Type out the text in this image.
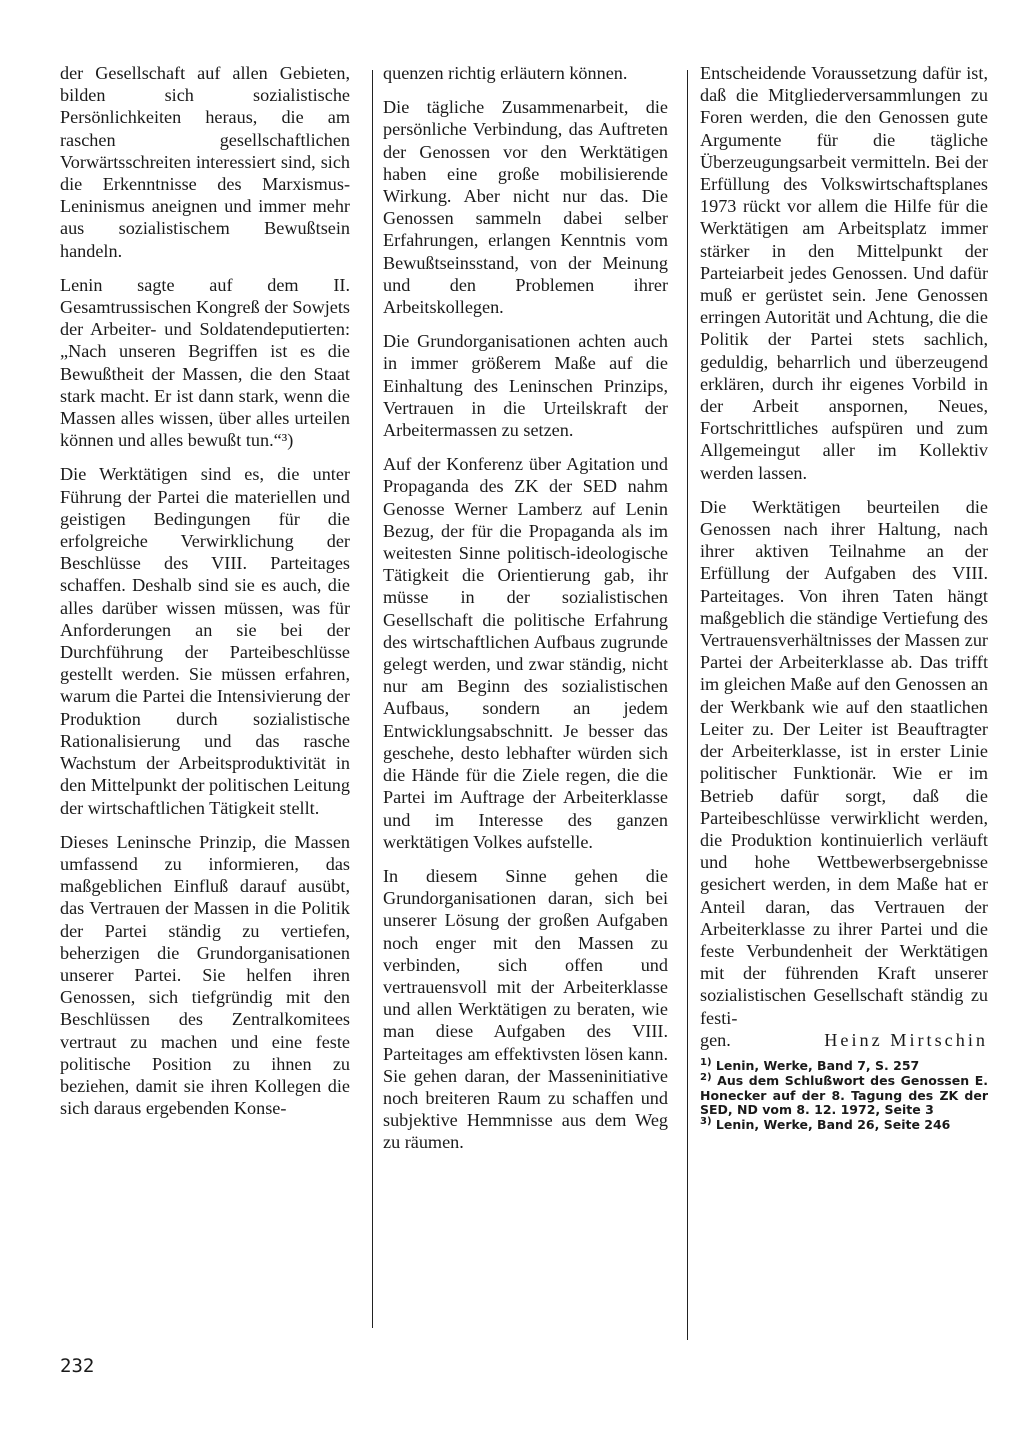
der Gesellschaft auf allen Gebieten, bilden sich sozialistische Persönlichkeiten heraus, die am raschen gesellschaftlichen Vorwärtsschreiten interessiert sind, sich die Erkenntnisse des Marxismus-Leninismus aneignen und immer mehr aus sozialistischem Bewußtsein handeln.

Lenin sagte auf dem II. Gesamtrussischen Kongreß der Sowjets der Arbeiter- und Soldatendeputierten: „Nach unseren Begriffen ist es die Bewußtheit der Massen, die den Staat stark macht. Er ist dann stark, wenn die Massen alles wissen, über alles urteilen können und alles bewußt tun.“³)

Die Werktätigen sind es, die unter Führung der Partei die materiellen und geistigen Bedingungen für die erfolgreiche Verwirklichung der Beschlüsse des VIII. Parteitages schaffen. Deshalb sind sie es auch, die alles darüber wissen müssen, was für Anforderungen an sie bei der Durchführung der Parteibeschlüsse gestellt werden. Sie müssen erfahren, warum die Partei die Intensivierung der Produktion durch sozialistische Rationalisierung und das rasche Wachstum der Arbeitsproduktivität in den Mittelpunkt der politischen Leitung der wirtschaftlichen Tätigkeit stellt.

Dieses Leninsche Prinzip, die Massen umfassend zu informieren, das maßgeblichen Einfluß darauf ausübt, das Vertrauen der Massen in die Politik der Partei ständig zu vertiefen, beherzigen die Grundorganisationen unserer Partei. Sie helfen ihren Genossen, sich tiefgründig mit den Beschlüssen des Zentralkomitees vertraut zu machen und eine feste politische Position zu ihnen zu beziehen, damit sie ihren Kollegen die sich daraus ergebenden Konse-

quenzen richtig erläutern können.

Die tägliche Zusammenarbeit, die persönliche Verbindung, das Auftreten der Genossen vor den Werktätigen haben eine große mobilisierende Wirkung. Aber nicht nur das. Die Genossen sammeln dabei selber Erfahrungen, erlangen Kenntnis vom Bewußtseinsstand, von der Meinung und den Problemen ihrer Arbeitskollegen.

Die Grundorganisationen achten auch in immer größerem Maße auf die Einhaltung des Leninschen Prinzips, Vertrauen in die Urteilskraft der Arbeitermassen zu setzen.

Auf der Konferenz über Agitation und Propaganda des ZK der SED nahm Genosse Werner Lamberz auf Lenin Bezug, der für die Propaganda als im weitesten Sinne politisch-ideologische Tätigkeit die Orientierung gab, ihr müsse in der sozialistischen Gesellschaft die politische Erfahrung des wirtschaftlichen Aufbaus zugrunde gelegt werden, und zwar ständig, nicht nur am Beginn des sozialistischen Aufbaus, sondern an jedem Entwicklungsabschnitt. Je besser das geschehe, desto lebhafter würden sich die Hände für die Ziele regen, die die Partei im Auftrage der Arbeiterklasse und im Interesse des ganzen werktätigen Volkes aufstelle.

In diesem Sinne gehen die Grundorganisationen daran, sich bei unserer Lösung der großen Aufgaben noch enger mit den Massen zu verbinden, sich offen und vertrauensvoll mit der Arbeiterklasse und allen Werktätigen zu beraten, wie man diese Aufgaben des VIII. Parteitages am effektivsten lösen kann. Sie gehen daran, der Masseninitiative noch breiteren Raum zu schaffen und subjektive Hemmnisse aus dem Weg zu räumen.

Entscheidende Voraussetzung dafür ist, daß die Mitgliederversammlungen zu Foren werden, die den Genossen gute Argumente für die tägliche Überzeugungsarbeit vermitteln. Bei der Erfüllung des Volkswirtschaftsplanes 1973 rückt vor allem die Hilfe für die Werktätigen am Arbeitsplatz immer stärker in den Mittelpunkt der Parteiarbeit jedes Genossen. Und dafür muß er gerüstet sein. Jene Genossen erringen Autorität und Achtung, die die Politik der Partei stets sachlich, geduldig, beharrlich und überzeugend erklären, durch ihr eigenes Vorbild in der Arbeit anspornen, Neues, Fortschrittliches aufspüren und zum Allgemeingut aller im Kollektiv werden lassen.

Die Werktätigen beurteilen die Genossen nach ihrer Haltung, nach ihrer aktiven Teilnahme an der Erfüllung der Aufgaben des VIII. Parteitages. Von ihren Taten hängt maßgeblich die ständige Vertiefung des Vertrauensverhältnisses der Massen zur Partei der Arbeiterklasse ab. Das trifft im gleichen Maße auf den Genossen an der Werkbank wie auf den staatlichen Leiter zu. Der Leiter ist Beauftragter der Arbeiterklasse, ist in erster Linie politischer Funktionär. Wie er im Betrieb dafür sorgt, daß die Parteibeschlüsse verwirklicht werden, die Produktion kontinuierlich verläuft und hohe Wettbewerbsergebnisse gesichert werden, in dem Maße hat er Anteil daran, das Vertrauen der Arbeiterklasse zu ihrer Partei und die feste Verbundenheit der Werktätigen mit der führenden Kraft unserer sozialistischen Gesellschaft ständig zu festi-

gen.	Heinz Mirtschin

$^{1)}$ Lenin, Werke, Band 7, S. 257

$^{2)}$ Aus dem Schlußwort des Genossen E. Honecker auf der 8. Tagung des ZK der SED, ND vom 8. 12. 1972, Seite 3

$^{3)}$ Lenin, Werke, Band 26, Seite 246

232
